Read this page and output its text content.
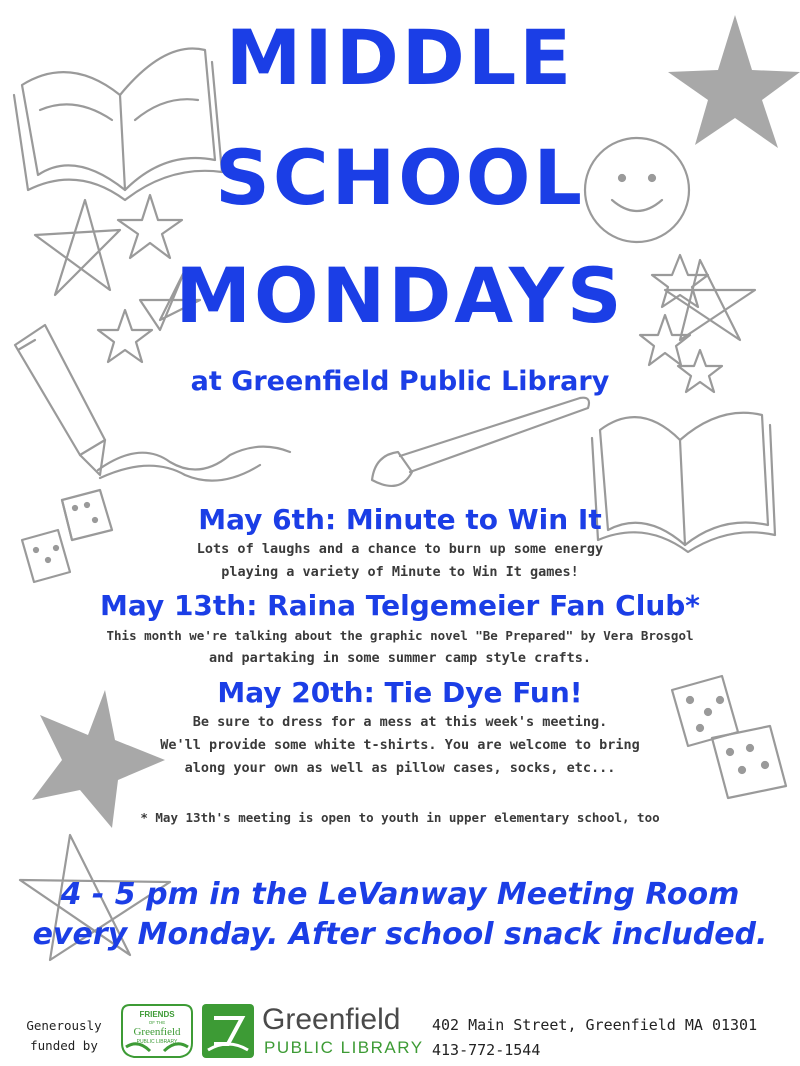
MIDDLE
SCHOOL
MONDAYS
at Greenfield Public Library
May 6th: Minute to Win It
Lots of laughs and a chance to burn up some energy
playing a variety of Minute to Win It games!
May 13th: Raina Telgemeier Fan Club*
This month we're talking about the graphic novel "Be Prepared" by Vera Brosgol
and partaking in some summer camp style crafts.
May 20th: Tie Dye Fun!
Be sure to dress for a mess at this week's meeting.
We'll provide some white t-shirts. You are welcome to bring
along your own as well as pillow cases, socks, etc...
* May 13th's meeting is open to youth in upper elementary school, too
4 - 5 pm in the LeVanway Meeting Room
every Monday. After school snack included.
Generously
funded by
FRIENDS
OF THE
Greenfield
PUBLIC LIBRARY
Greenfield
PUBLIC LIBRARY
402 Main Street, Greenfield MA 01301
413-772-1544
